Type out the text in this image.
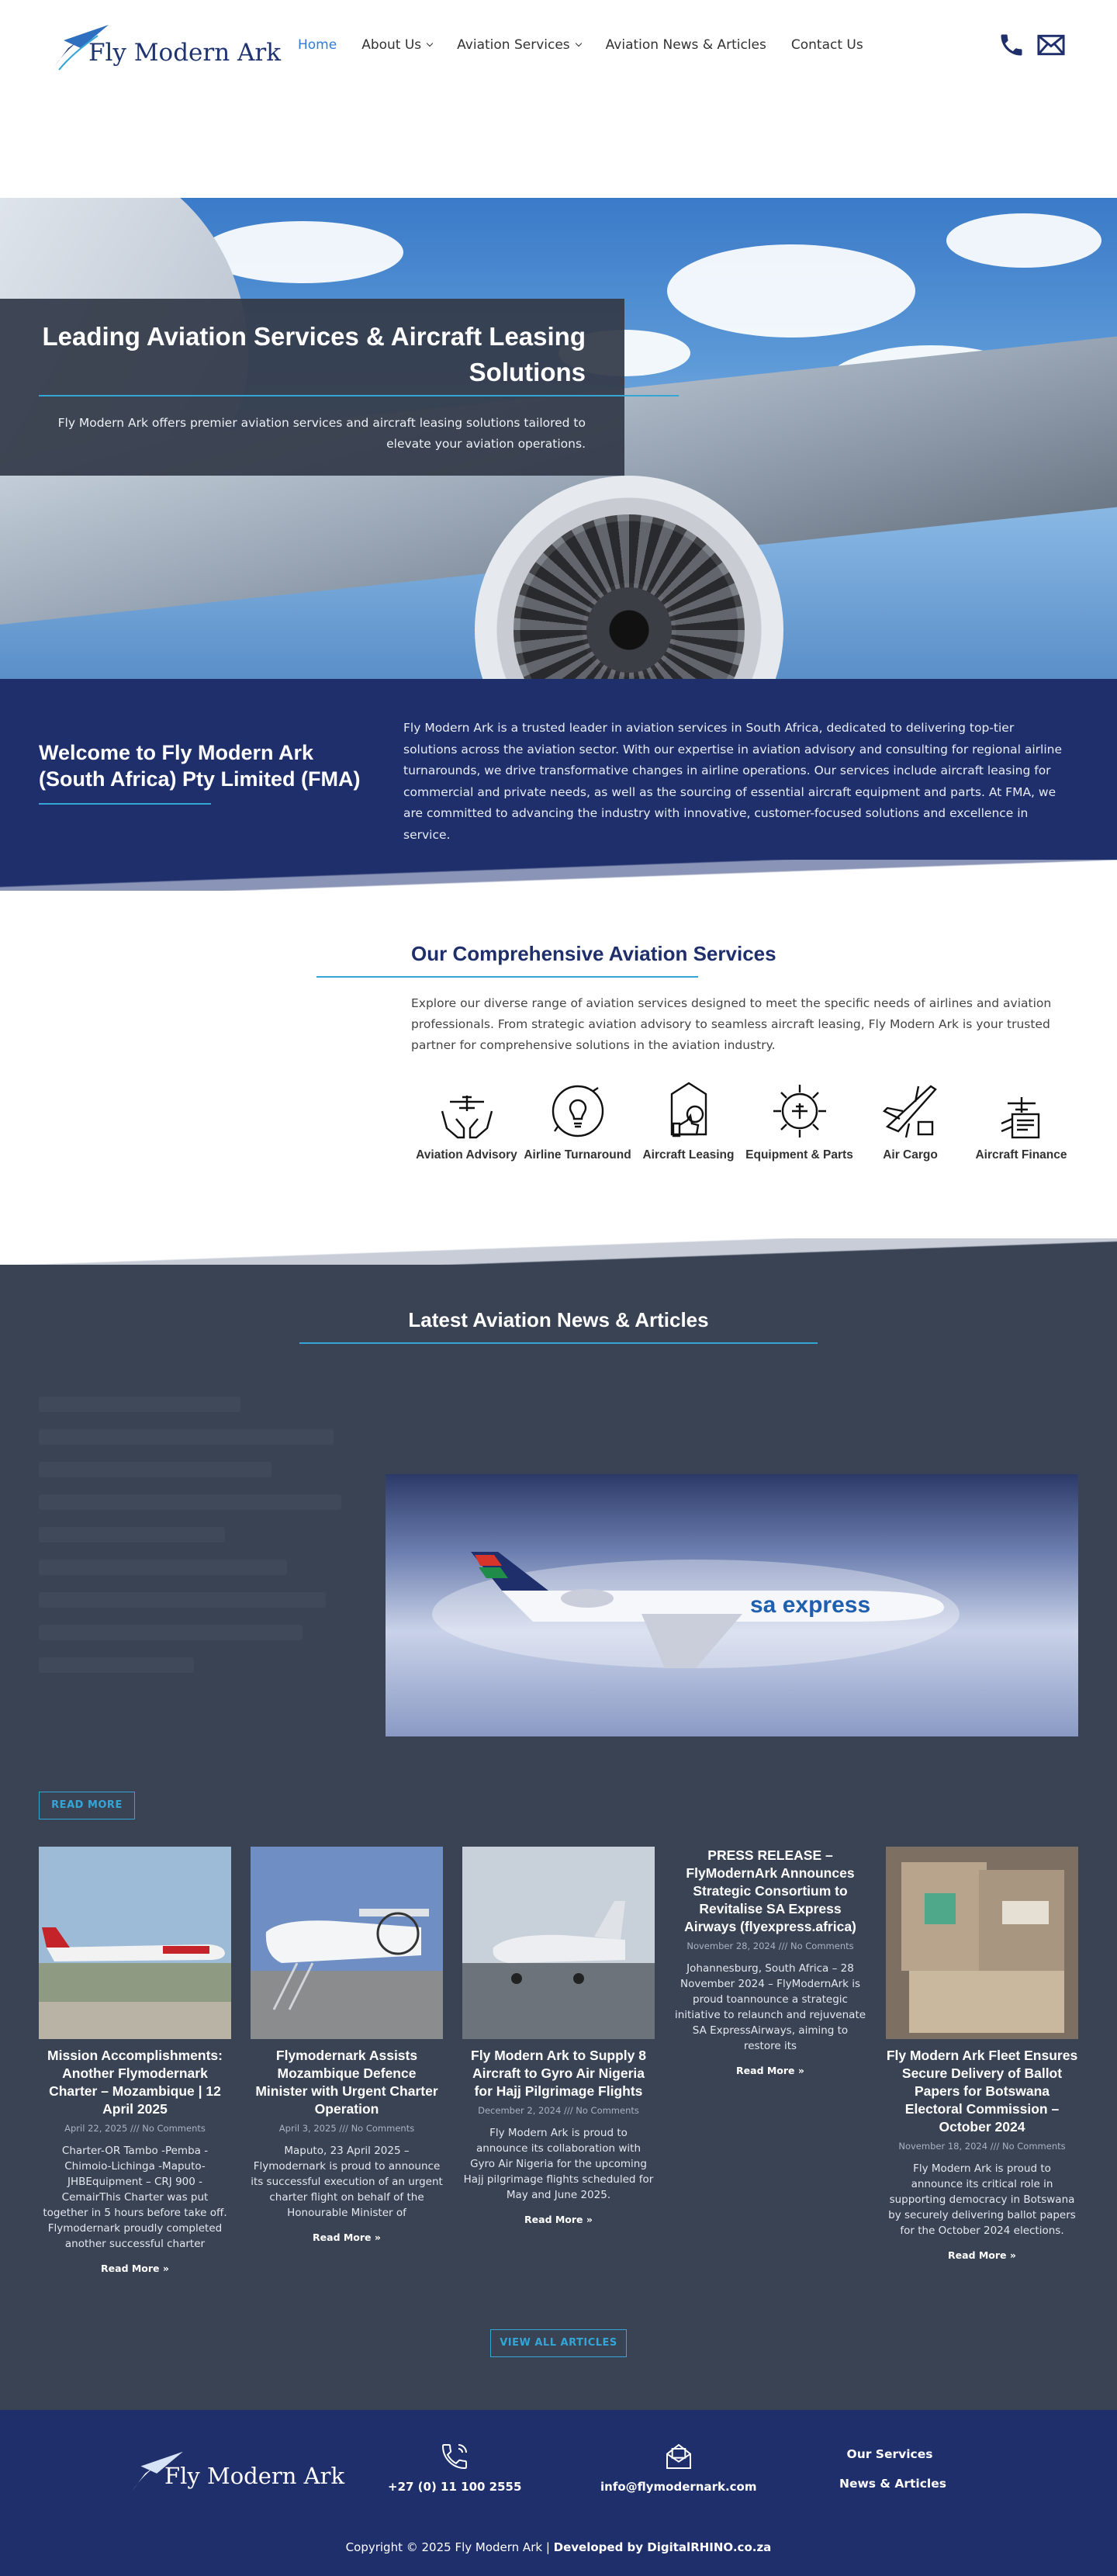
Fly Modern Ark Home About Us	Aviation Services	Aviation News & Articles Contact Us
Leading Aviation Services & Aircraft Leasing Solutions

Fly Modern Ark offers premier aviation services and aircraft leasing solutions tailored to elevate your aviation operations.

Welcome to Fly Modern Ark (South Africa) Pty Limited (FMA)

Fly Modern Ark is a trusted leader in aviation services in South Africa, dedicated to delivering top-tier solutions across the aviation sector. With our expertise in aviation advisory and consulting for regional airline turnarounds, we drive transformative changes in airline operations. Our services include aircraft leasing for commercial and private needs, as well as the sourcing of essential aircraft equipment and parts. At FMA, we are committed to advancing the industry with innovative, customer-focused solutions and excellence in service.

Our Comprehensive Aviation Services

Explore our diverse range of aviation services designed to meet the specific needs of airlines and aviation professionals. From strategic aviation advisory to seamless aircraft leasing, Fly Modern Ark is your trusted partner for comprehensive solutions in the aviation industry.

Aviation Advisory Airline Turnaround Aircraft Leasing Equipment & Parts	Air Cargo	Aircraft Finance
Latest Aviation News & Articles
sa express
READ MORE
Mission Accomplishments: Another Flymodernark Charter – Mozambique | 12 April 2025
April 22, 2025 /// No Comments

Charter-OR Tambo -Pemba -Chimoio-Lichinga -Maputo-JHBEquipment – CRJ 900 -CemairThis Charter was put together in 5 hours before take off. Flymodernark proudly completed another successful charter

Read More »
Flymodernark Assists Mozambique Defence Minister with Urgent Charter Operation
April 3, 2025 /// No Comments

Maputo, 23 April 2025 – Flymodernark is proud to announce its successful execution of an urgent charter flight on behalf of the Honourable Minister of

Read More »
Fly Modern Ark to Supply 8 Aircraft to Gyro Air Nigeria for Hajj Pilgrimage Flights
December 2, 2024 /// No Comments

Fly Modern Ark is proud to announce its collaboration with Gyro Air Nigeria for the upcoming Hajj pilgrimage flights scheduled for May and June 2025.

Read More »
PRESS RELEASE – FlyModernArk Announces Strategic Consortium to Revitalise SA Express Airways (flyexpress.africa)
November 28, 2024 /// No Comments

Johannesburg, South Africa – 28 November 2024 – FlyModernArk is proud toannounce a strategic initiative to relaunch and rejuvenate SA ExpressAirways, aiming to restore its

Read More »
Fly Modern Ark Fleet Ensures Secure Delivery of Ballot Papers for Botswana Electoral Commission – October 2024
November 18, 2024 /// No Comments

Fly Modern Ark is proud to announce its critical role in supporting democracy in Botswana by securely delivering ballot papers for the October 2024 elections.

Read More »
VIEW ALL ARTICLES
Fly Modern Ark	+27 (0) 11 100 2555	info@flymodernark.com
Our Services
News & Articles
Copyright © 2025 Fly Modern Ark | Developed by DigitalRHINO.co.za
